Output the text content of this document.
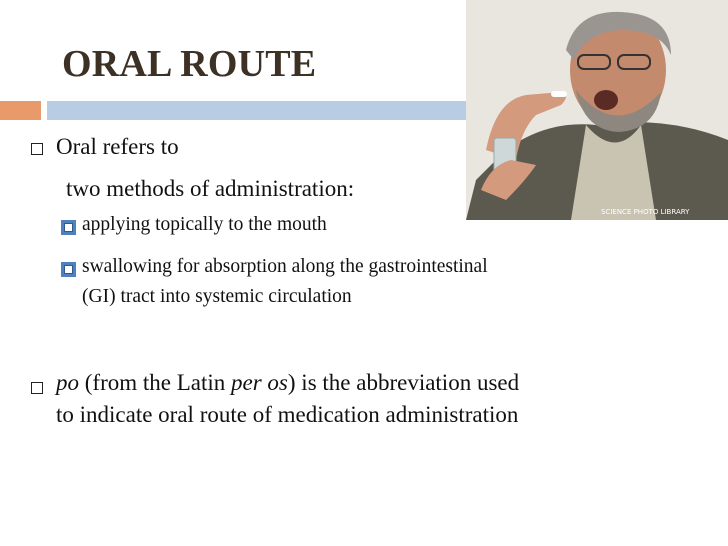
ORAL ROUTE
SCIENCE PHOTO LIBRARY
Oral refers to
two methods of administration:
applying topically to the mouth
swallowing for absorption along the gastrointestinal
(GI) tract into systemic circulation
po (from the Latin per os) is the abbreviation used
to indicate oral route of medication administration
